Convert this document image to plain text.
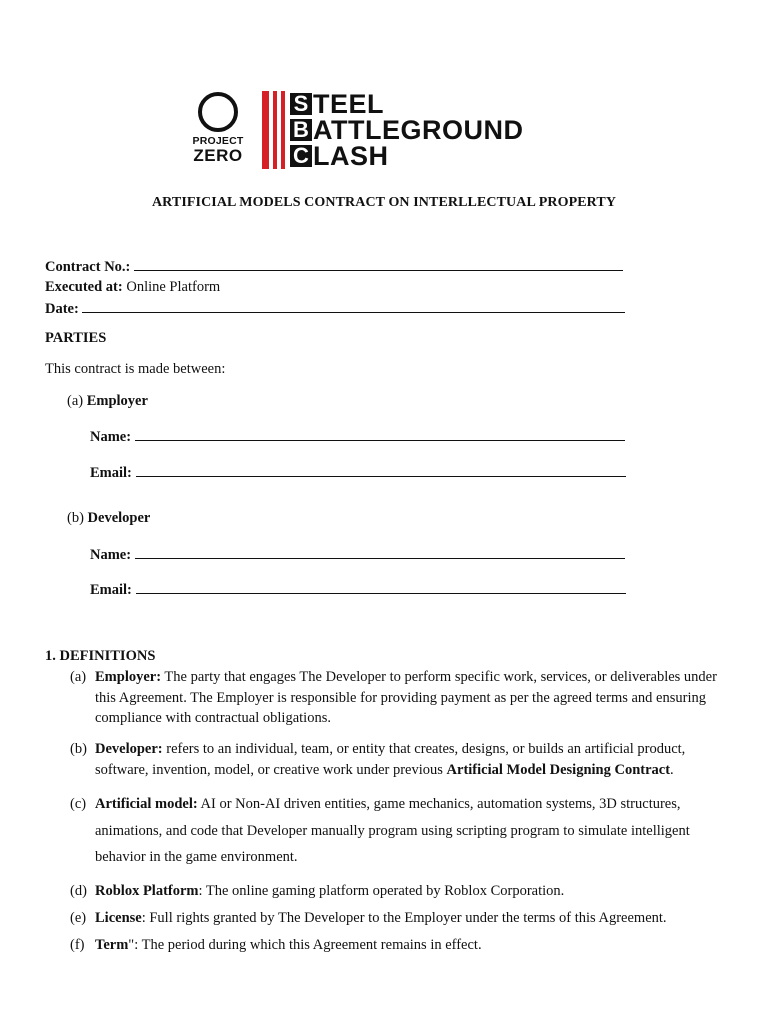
PROJECT
ZERO
S TEEL
B ATTLEGROUND
C LASH
ARTIFICIAL MODELS CONTRACT ON INTERLLECTUAL PROPERTY
Contract No.:
Executed at: Online Platform
Date:
PARTIES
This contract is made between:
(a) Employer
Name:
Email:
(b) Developer
Name:
Email:
1. DEFINITIONS
(a) Employer: The party that engages The Developer to perform specific work, services, or deliverables under this Agreement. The Employer is responsible for providing payment as per the agreed terms and ensuring compliance with contractual obligations.
(b) Developer: refers to an individual, team, or entity that creates, designs, or builds an artificial product, software, invention, model, or creative work under previous Artificial Model Designing Contract.
(c) Artificial model: AI or Non-AI driven entities, game mechanics, automation systems, 3D structures, animations, and code that Developer manually program using scripting program to simulate intelligent behavior in the game environment.
(d) Roblox Platform: The online gaming platform operated by Roblox Corporation.
(e) License: Full rights granted by The Developer to the Employer under the terms of this Agreement.
(f) Term": The period during which this Agreement remains in effect.
